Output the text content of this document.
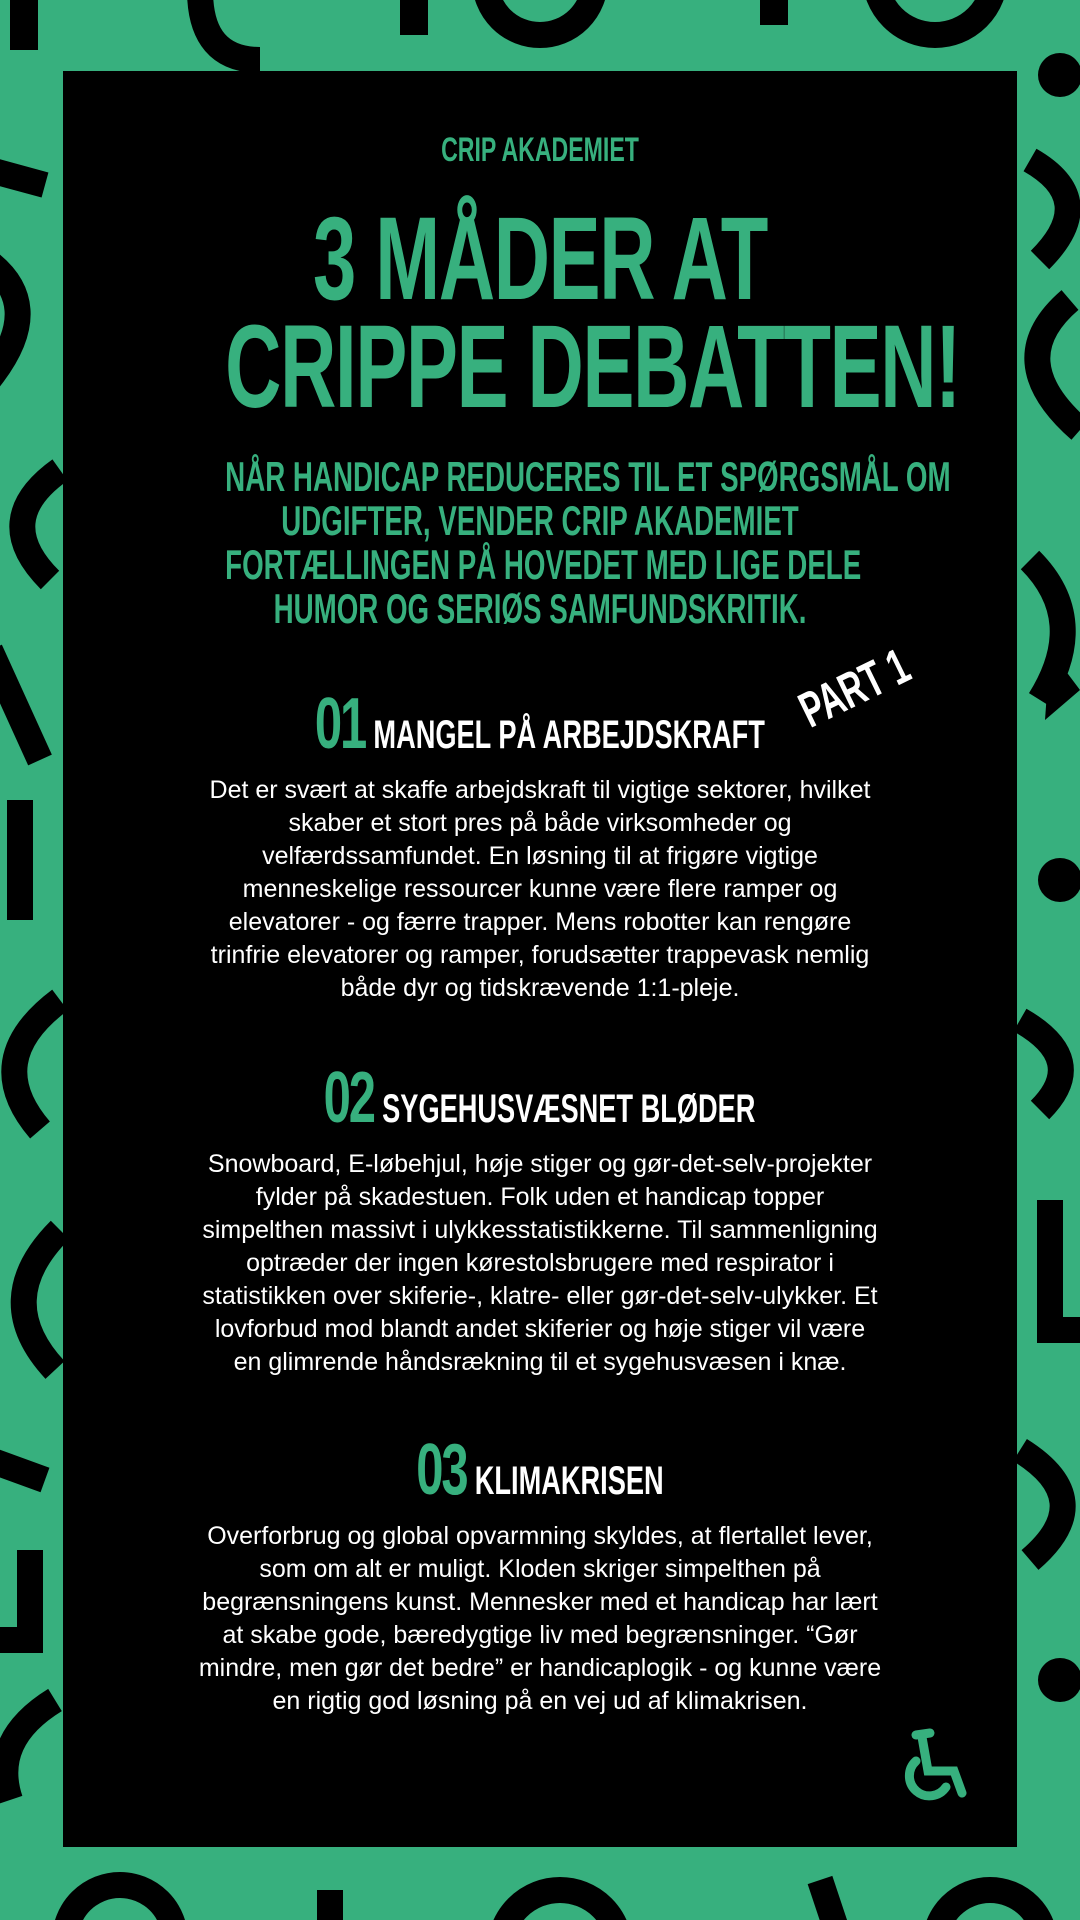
CRIP AKADEMIET
3 MÅDER AT
CRIPPE DEBATTEN!
NÅR HANDICAP REDUCERES TIL ET SPØRGSMÅL OM
UDGIFTER, VENDER CRIP AKADEMIET
FORTÆLLINGEN PÅ HOVEDET MED LIGE DELE
HUMOR OG SERIØS SAMFUNDSKRITIK.
PART 1
01 MANGEL PÅ ARBEJDSKRAFT
Det er svært at skaffe arbejdskraft til vigtige sektorer, hvilket
skaber et stort pres på både virksomheder og
velfærdssamfundet. En løsning til at frigøre vigtige
menneskelige ressourcer kunne være flere ramper og
elevatorer - og færre trapper. Mens robotter kan rengøre
trinfrie elevatorer og ramper, forudsætter trappevask nemlig
både dyr og tidskrævende 1:1-pleje.
02 SYGEHUSVÆSNET BLØDER
Snowboard, E-løbehjul, høje stiger og gør-det-selv-projekter
fylder på skadestuen. Folk uden et handicap topper
simpelthen massivt i ulykkesstatistikkerne. Til sammenligning
optræder der ingen kørestolsbrugere med respirator i
statistikken over skiferie-, klatre- eller gør-det-selv-ulykker. Et
lovforbud mod blandt andet skiferier og høje stiger vil være
en glimrende håndsrækning til et sygehusvæsen i knæ.
03 KLIMAKRISEN
Overforbrug og global opvarmning skyldes, at flertallet lever,
som om alt er muligt. Kloden skriger simpelthen på
begrænsningens kunst. Mennesker med et handicap har lært
at skabe gode, bæredygtige liv med begrænsninger. “Gør
mindre, men gør det bedre” er handicaplogik - og kunne være
en rigtig god løsning på en vej ud af klimakrisen.
